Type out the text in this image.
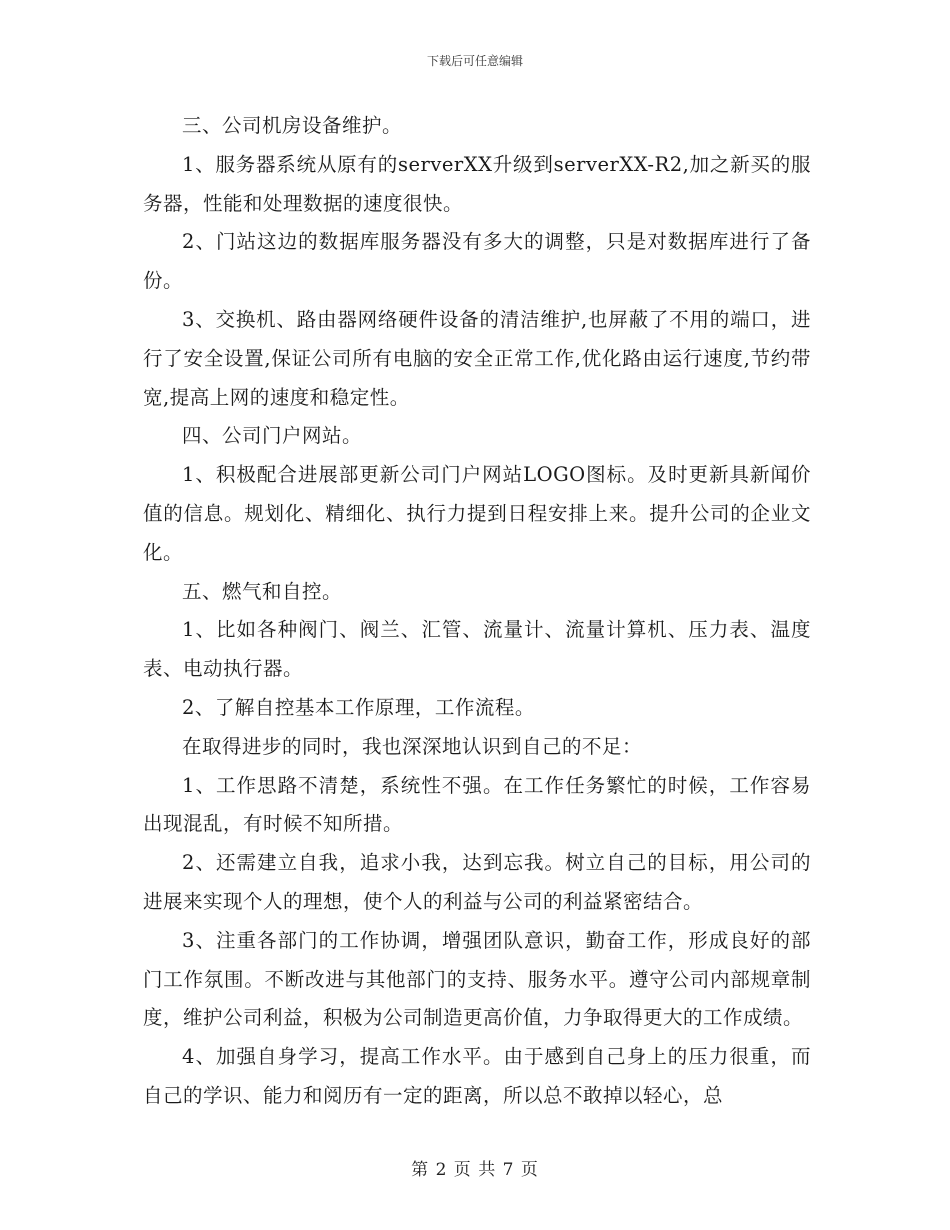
下载后可任意编辑

三、公司机房设备维护。

1、服务器系统从原有的serverXX升级到serverXX-R2,加之新买的服务器，性能和处理数据的速度很快。

2、门站这边的数据库服务器没有多大的调整，只是对数据库进行了备份。

3、交换机、路由器网络硬件设备的清洁维护,也屏蔽了不用的端口，进行了安全设置,保证公司所有电脑的安全正常工作,优化路由运行速度,节约带宽,提高上网的速度和稳定性。

四、公司门户网站。

1、积极配合进展部更新公司门户网站LOGO图标。及时更新具新闻价值的信息。规划化、精细化、执行力提到日程安排上来。提升公司的企业文化。

五、燃气和自控。

1、比如各种阀门、阀兰、汇管、流量计、流量计算机、压力表、温度表、电动执行器。

2、了解自控基本工作原理，工作流程。

在取得进步的同时，我也深深地认识到自己的不足：

1、工作思路不清楚，系统性不强。在工作任务繁忙的时候，工作容易出现混乱，有时候不知所措。

2、还需建立自我，追求小我，达到忘我。树立自己的目标，用公司的进展来实现个人的理想，使个人的利益与公司的利益紧密结合。

3、注重各部门的工作协调，增强团队意识，勤奋工作，形成良好的部门工作氛围。不断改进与其他部门的支持、服务水平。遵守公司内部规章制度，维护公司利益，积极为公司制造更高价值，力争取得更大的工作成绩。

4、加强自身学习，提高工作水平。由于感到自己身上的压力很重，而自己的学识、能力和阅历有一定的距离，所以总不敢掉以轻心，总

第 2 页 共 7 页
